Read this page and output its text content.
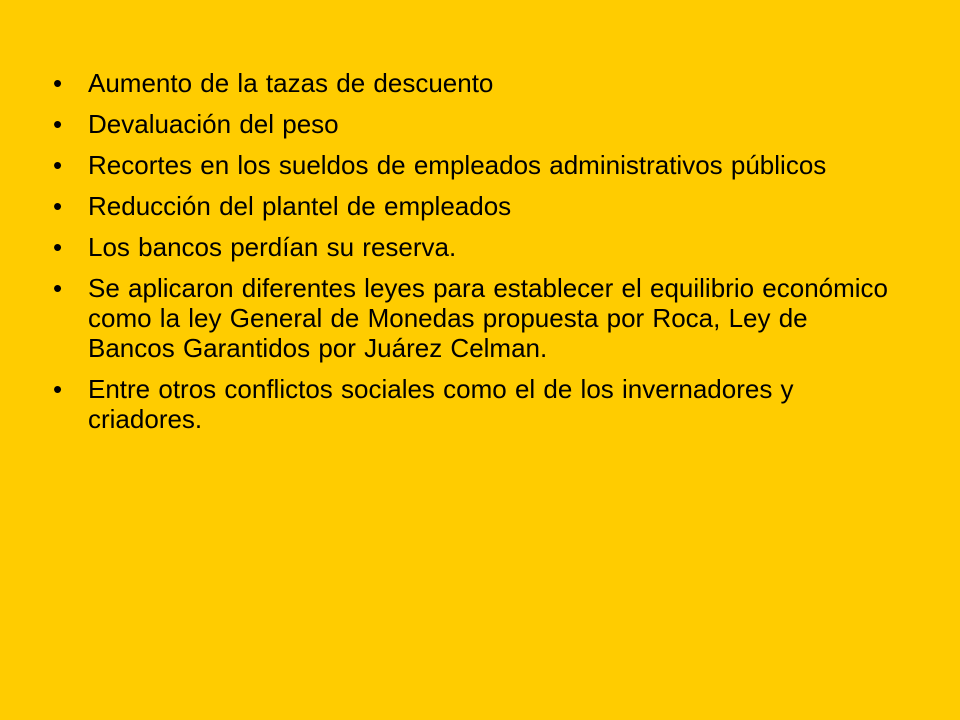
• Aumento de la tazas de descuento
• Devaluación del peso
• Recortes en los sueldos de empleados administrativos públicos
• Reducción del plantel de empleados
• Los bancos perdían su reserva.
• Se aplicaron diferentes leyes para establecer el equilibrio económico como la ley General de Monedas propuesta por Roca, Ley de Bancos Garantidos por Juárez Celman.
• Entre otros conflictos sociales como el de los invernadores y criadores.
